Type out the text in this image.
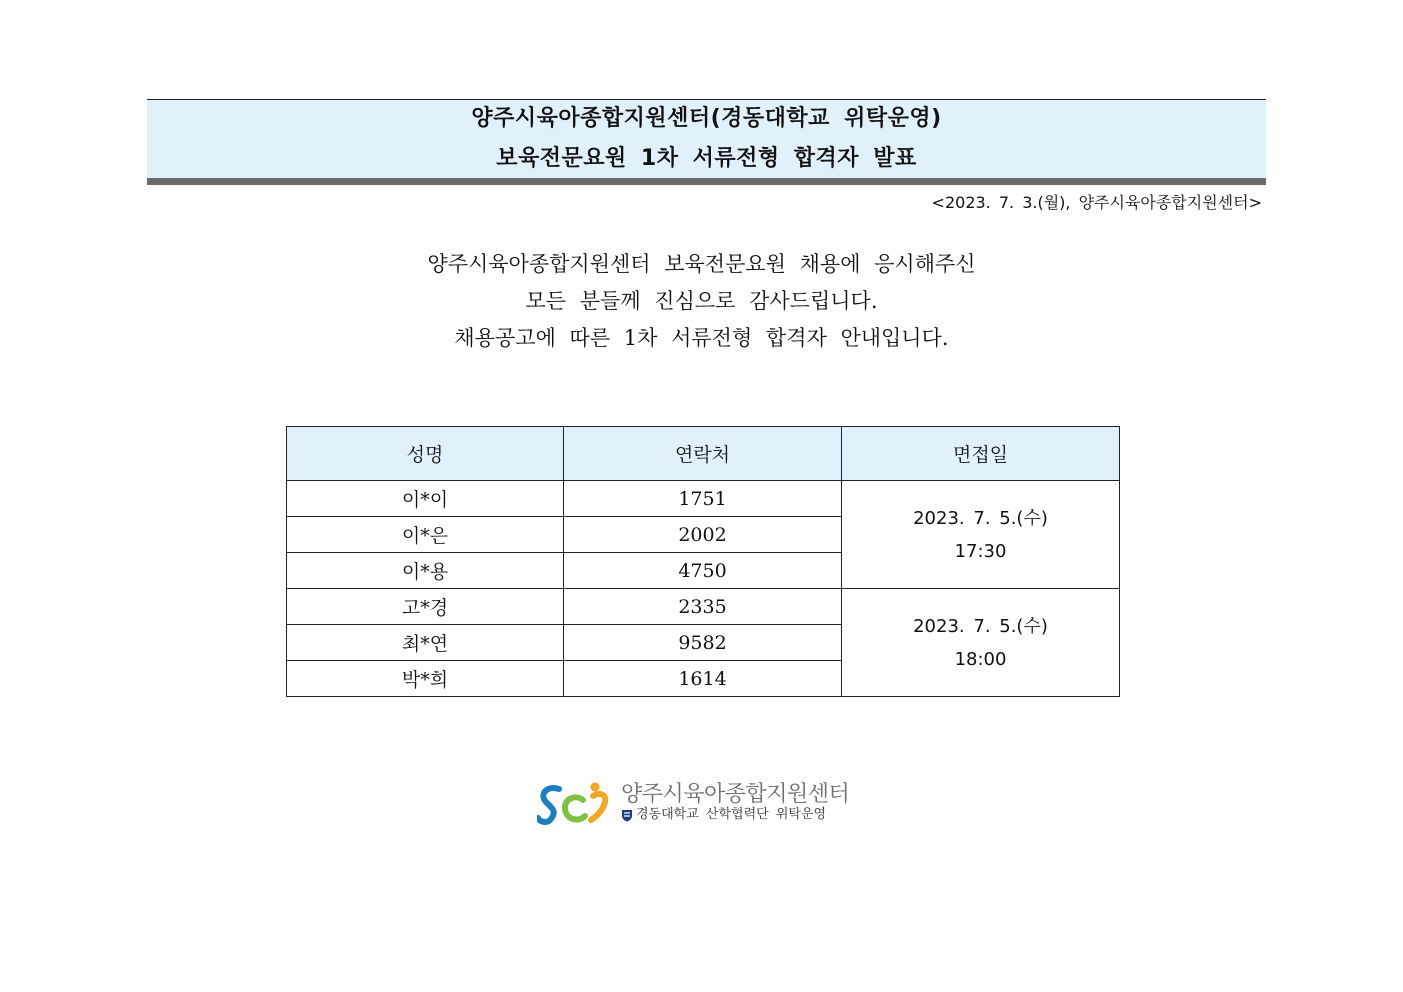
양주시육아종합지원센터(경동대학교 위탁운영)
보육전문요원 1차 서류전형 합격자 발표
<2023. 7. 3.(월), 양주시육아종합지원센터>
양주시육아종합지원센터 보육전문요원 채용에 응시해주신
모든 분들께 진심으로 감사드립니다.
채용공고에 따른 1차 서류전형 합격자 안내입니다.
성명	연락처	면접일
이*이	1751	2023. 7. 5.(수)
17:30

이*은	2002	
이*용	4750	
고*경	2335	2023. 7. 5.(수)
18:00

최*연	9582	
박*희	1614	
양주시육아종합지원센터
경동대학교 산학협력단 위탁운영
